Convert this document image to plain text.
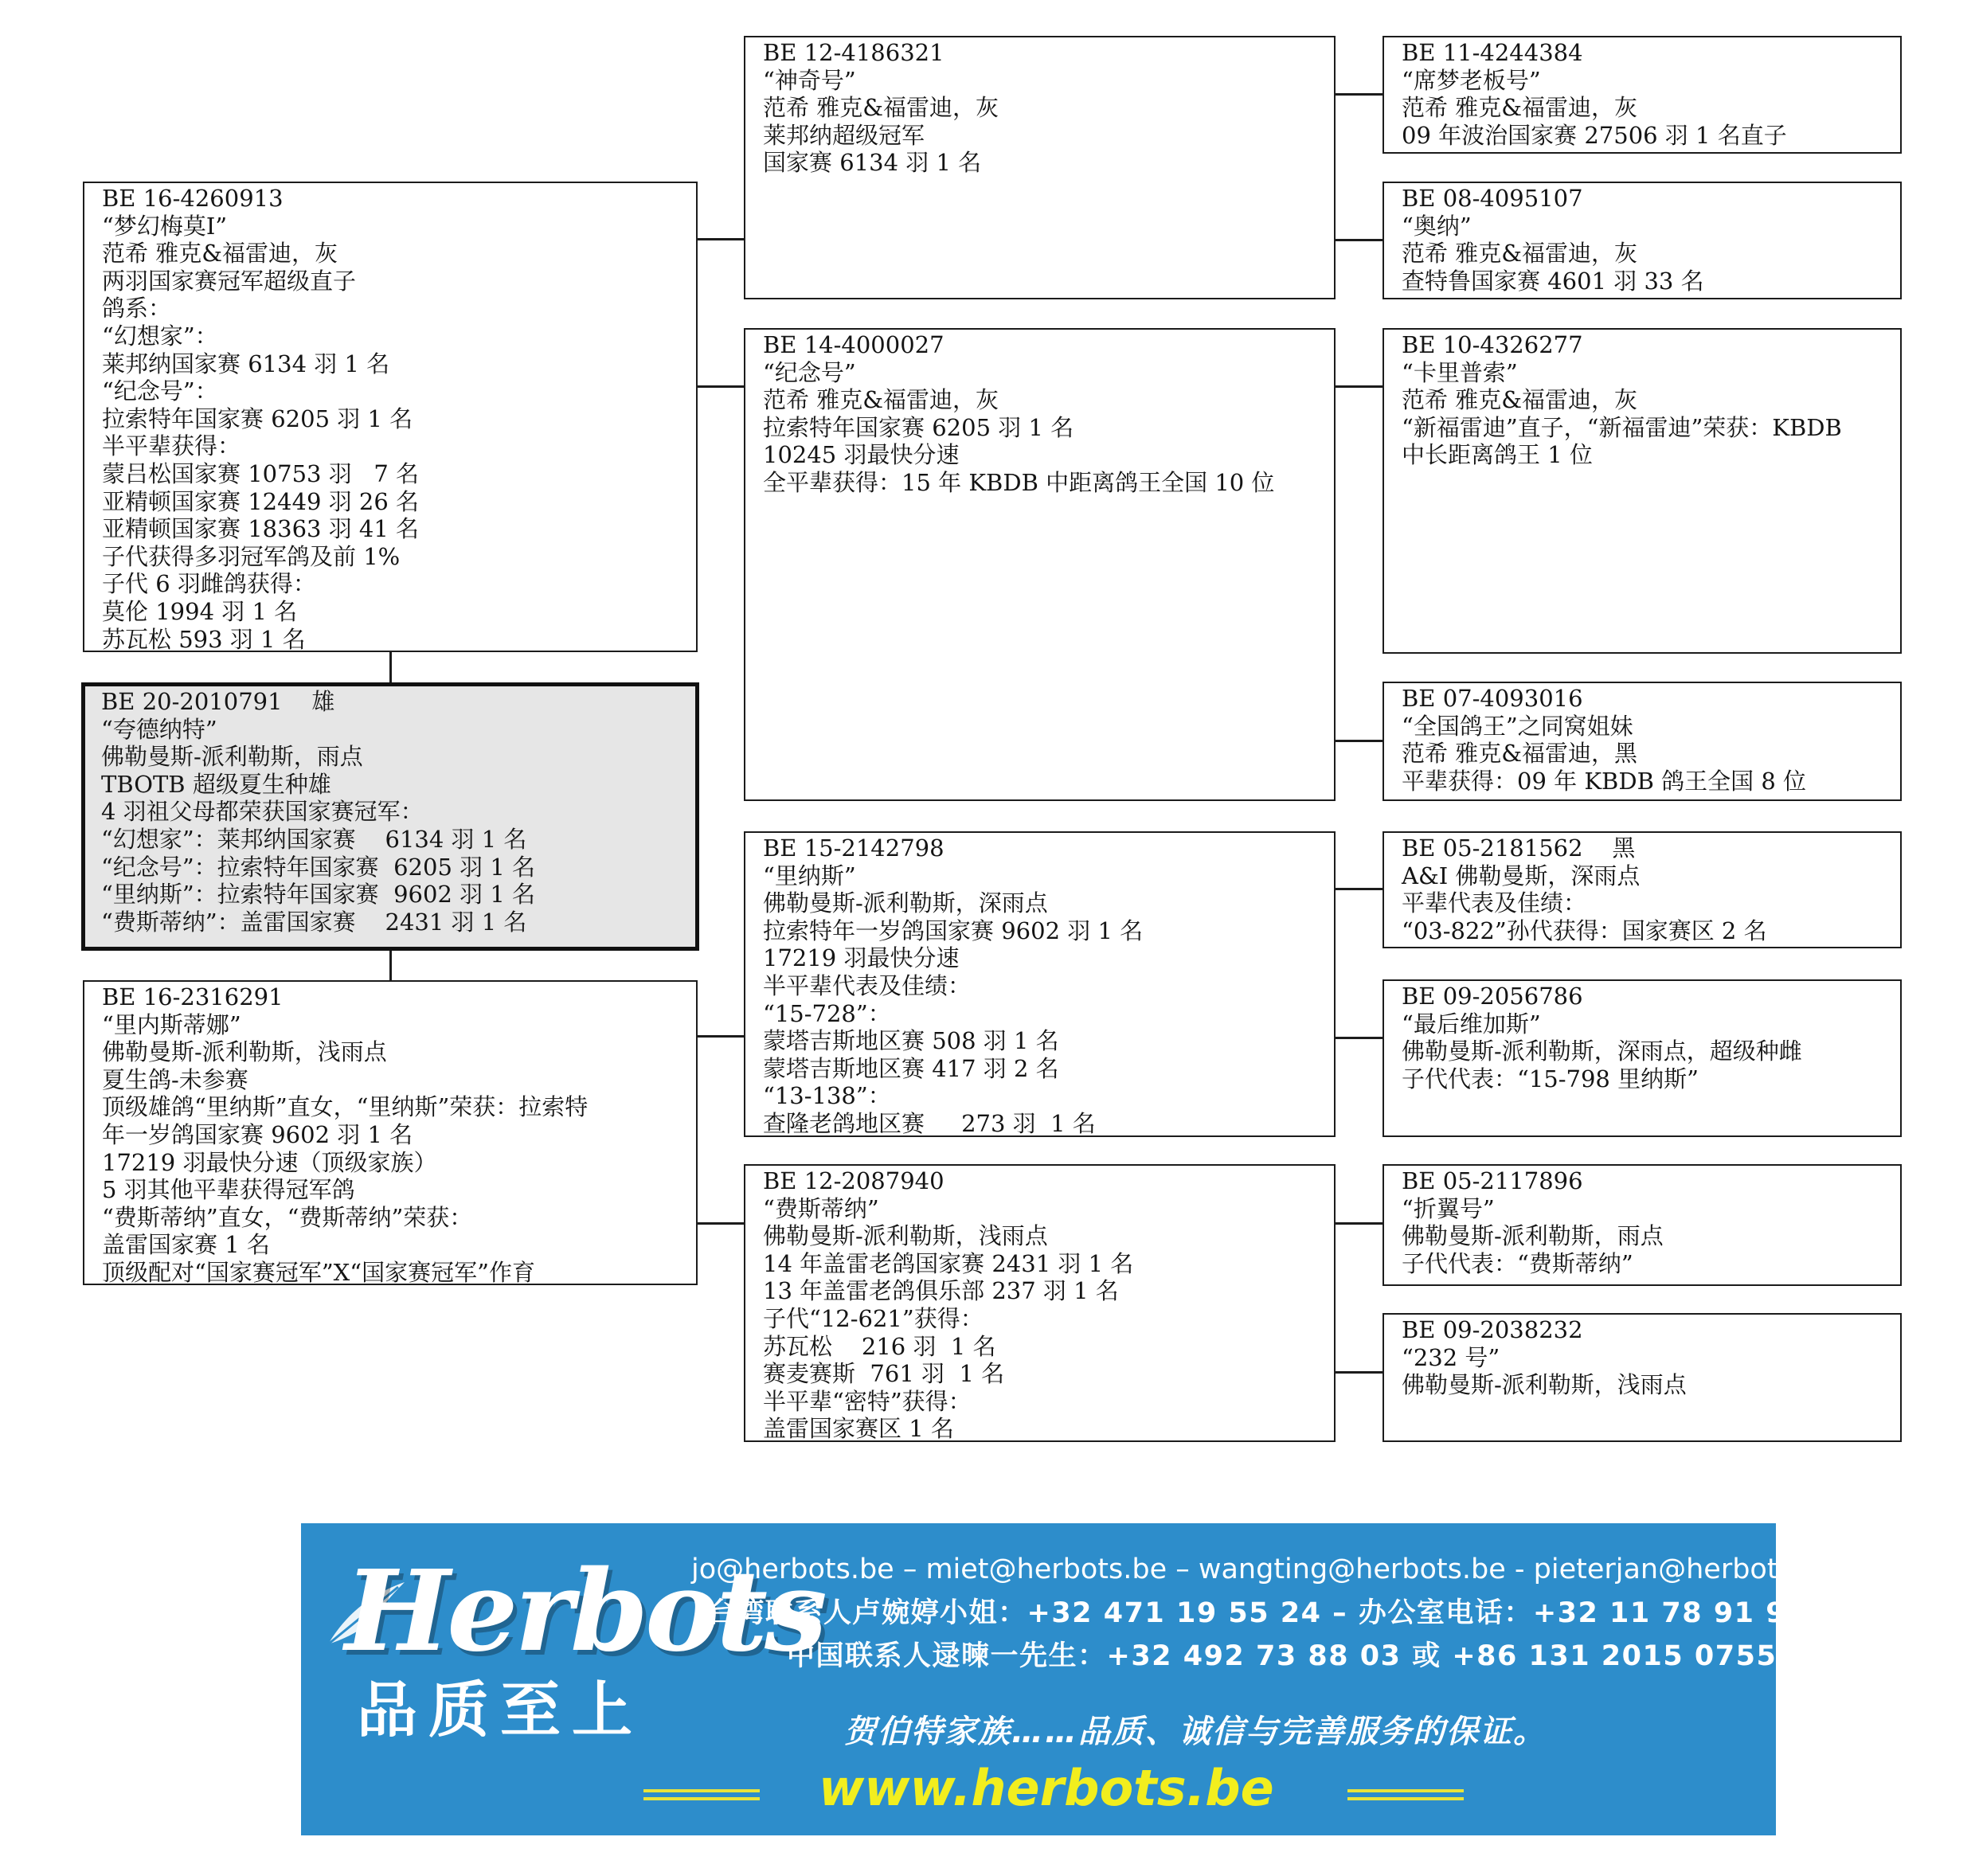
BE 16-4260913
“梦幻梅莫Ⅰ”
范希 雅克&福雷迪，灰
两羽国家赛冠军超级直子
鸽系：
“幻想家”：
莱邦纳国家赛 6134 羽 1 名
“纪念号”：
拉索特年国家赛 6205 羽 1 名
半平辈获得：
蒙吕松国家赛 10753 羽   7 名
亚精顿国家赛 12449 羽 26 名
亚精顿国家赛 18363 羽 41 名
子代获得多羽冠军鸽及前 1%
子代 6 羽雌鸽获得：
莫伦 1994 羽 1 名
苏瓦松 593 羽 1 名
BE 20-2010791    雄
“夸德纳特”
佛勒曼斯-派利勒斯，雨点
TBOTB 超级夏生种雄
4 羽祖父母都荣获国家赛冠军：
“幻想家”：莱邦纳国家赛    6134 羽 1 名
“纪念号”：拉索特年国家赛  6205 羽 1 名
“里纳斯”：拉索特年国家赛  9602 羽 1 名
“费斯蒂纳”：盖雷国家赛    2431 羽 1 名
BE 16-2316291
“里内斯蒂娜”
佛勒曼斯-派利勒斯，浅雨点
夏生鸽-未参赛
顶级雄鸽“里纳斯”直女，“里纳斯”荣获：拉索特
年一岁鸽国家赛 9602 羽 1 名
17219 羽最快分速（顶级家族）
5 羽其他平辈获得冠军鸽
“费斯蒂纳”直女，“费斯蒂纳”荣获：
盖雷国家赛 1 名
顶级配对“国家赛冠军”X“国家赛冠军”作育
BE 12-4186321
“神奇号”
范希 雅克&福雷迪，灰
莱邦纳超级冠军
国家赛 6134 羽 1 名
BE 14-4000027
“纪念号”
范希 雅克&福雷迪，灰
拉索特年国家赛 6205 羽 1 名
10245 羽最快分速
全平辈获得：15 年 KBDB 中距离鸽王全国 10 位
BE 15-2142798
“里纳斯”
佛勒曼斯-派利勒斯，深雨点
拉索特年一岁鸽国家赛 9602 羽 1 名
17219 羽最快分速
半平辈代表及佳绩：
“15-728”：
蒙塔吉斯地区赛 508 羽 1 名
蒙塔吉斯地区赛 417 羽 2 名
“13-138”：
查隆老鸽地区赛     273 羽  1 名
BE 12-2087940
“费斯蒂纳”
佛勒曼斯-派利勒斯，浅雨点
14 年盖雷老鸽国家赛 2431 羽 1 名
13 年盖雷老鸽俱乐部 237 羽 1 名
子代“12-621”获得：
苏瓦松    216 羽  1 名
赛麦赛斯  761 羽  1 名
半平辈“密特”获得：
盖雷国家赛区 1 名
BE 11-4244384
“席梦老板号”
范希 雅克&福雷迪，灰
09 年波治国家赛 27506 羽 1 名直子
BE 08-4095107
“奥纳”
范希 雅克&福雷迪，灰
查特鲁国家赛 4601 羽 33 名
BE 10-4326277
“卡里普索”
范希 雅克&福雷迪，灰
“新福雷迪”直子，“新福雷迪”荣获：KBDB
中长距离鸽王 1 位
BE 07-4093016
“全国鸽王”之同窝姐妹
范希 雅克&福雷迪，黑
平辈获得：09 年 KBDB 鸽王全国 8 位
BE 05-2181562    黑
A&I 佛勒曼斯，深雨点
平辈代表及佳绩：
“03-822”孙代获得：国家赛区 2 名
BE 09-2056786
“最后维加斯”
佛勒曼斯-派利勒斯，深雨点，超级种雌
子代代表：“15-798 里纳斯”
BE 05-2117896
“折翼号”
佛勒曼斯-派利勒斯，雨点
子代代表：“费斯蒂纳”
BE 09-2038232
“232 号”
佛勒曼斯-派利勒斯，浅雨点
Herbots
品质至上
jo@herbots.be – miet@herbots.be – wangting@herbots.be - pieterjan@herbots.be
台湾联系人卢婉婷小姐：+32 471 19 55 24 – 办公室电话：+32 11 78 91 90
中国联系人逯暕一先生：+32 492 73 88 03 或 +86 131 2015 0755
贺伯特家族……品质、诚信与完善服务的保证。
www.herbots.be
